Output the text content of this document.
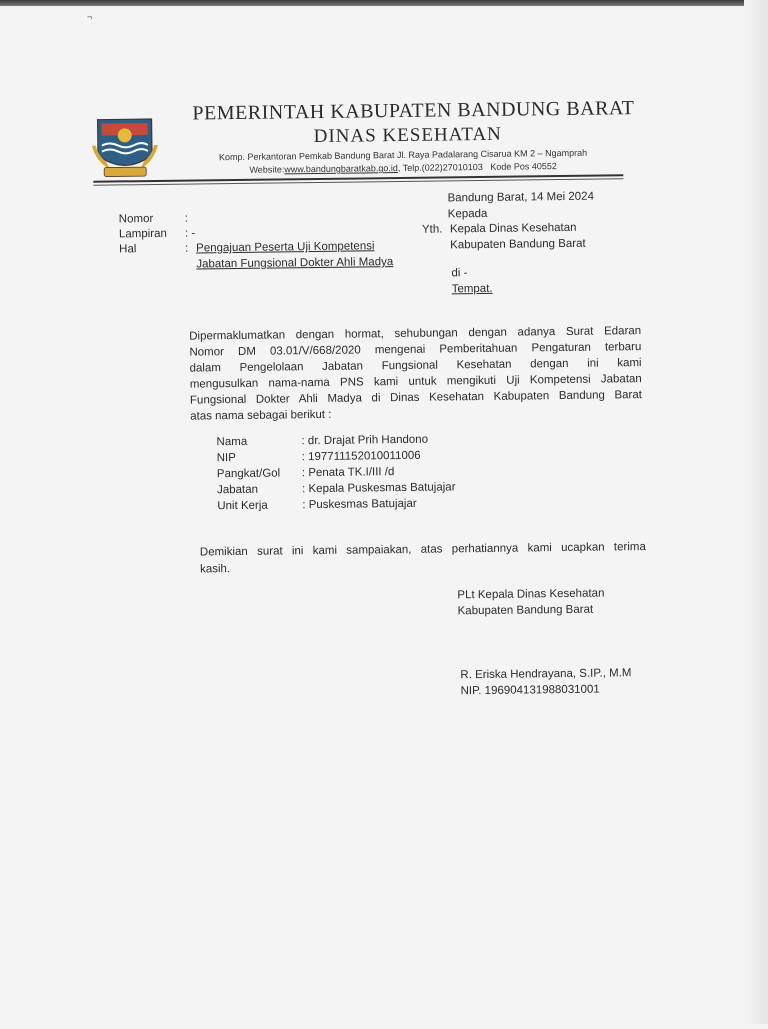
¬
PEMERINTAH KABUPATEN BANDUNG BARAT
DINAS KESEHATAN
Komp. Perkantoran Pemkab Bandung Barat Jl. Raya Padalarang Cisarua KM 2 – Ngamprah
Website:www.bandungbaratkab.go.id, Telp.(022)27010103 Kode Pos 40552
Bandung Barat, 14 Mei 2024
Kepada
Yth. Kepala Dinas Kesehatan
Kabupaten Bandung Barat
di -
Tempat.
Nomor	:
Lampiran : -
Hal	: Pengajuan Peserta Uji Kompetensi
Jabatan Fungsional Dokter Ahli Madya
Dipermaklumatkan dengan hormat, sehubungan dengan adanya Surat Edaran
Nomor DM 03.01/V/668/2020 mengenai Pemberitahuan Pengaturan terbaru
dalam Pengelolaan Jabatan Fungsional Kesehatan dengan ini kami
mengusulkan nama-nama PNS kami untuk mengikuti Uji Kompetensi Jabatan
Fungsional Dokter Ahli Madya di Dinas Kesehatan Kabupaten Bandung Barat
atas nama sebagai berikut :
Nama	: dr. Drajat Prih Handono
NIP	: 197711152010011006
Pangkat/Gol : Penata TK.I/III /d
Jabatan	: Kepala Puskesmas Batujajar
Unit Kerja	: Puskesmas Batujajar
Demikian surat ini kami sampaiakan, atas perhatiannya kami ucapkan terima
kasih.
PLt Kepala Dinas Kesehatan
Kabupaten Bandung Barat
R. Eriska Hendrayana, S.IP., M.M
NIP. 196904131988031001
